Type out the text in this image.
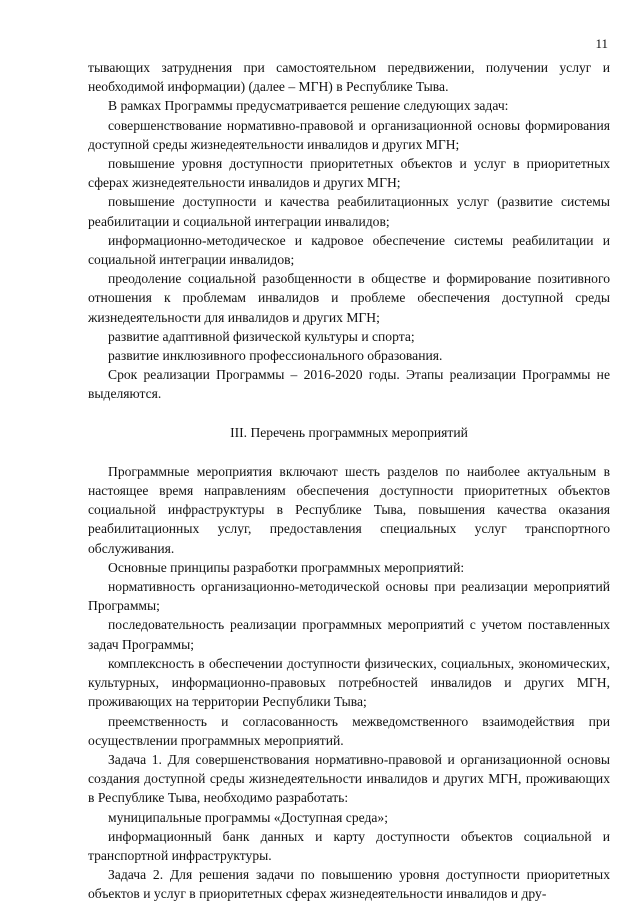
11

тывающих затруднения при самостоятельном передвижении, получении услуг и необходимой информации) (далее – МГН) в Республике Тыва.

В рамках Программы предусматривается решение следующих задач:

совершенствование нормативно-правовой и организационной основы формирования доступной среды жизнедеятельности инвалидов и других МГН;

повышение уровня доступности приоритетных объектов и услуг в приоритетных сферах жизнедеятельности инвалидов и других МГН;

повышение доступности и качества реабилитационных услуг (развитие системы реабилитации и социальной интеграции инвалидов;

информационно-методическое и кадровое обеспечение системы реабилитации и социальной интеграции инвалидов;

преодоление социальной разобщенности в обществе и формирование позитивного отношения к проблемам инвалидов и проблеме обеспечения доступной среды жизнедеятельности для инвалидов и других МГН;

развитие адаптивной физической культуры и спорта;

развитие инклюзивного профессионального образования.

Срок реализации Программы – 2016-2020 годы. Этапы реализации Программы не выделяются.

III. Перечень программных мероприятий

Программные мероприятия включают шесть разделов по наиболее актуальным в настоящее время направлениям обеспечения доступности приоритетных объектов социальной инфраструктуры в Республике Тыва, повышения качества оказания реабилитационных услуг, предоставления специальных услуг транспортного обслуживания.

Основные принципы разработки программных мероприятий:

нормативность организационно-методической основы при реализации мероприятий Программы;

последовательность реализации программных мероприятий с учетом поставленных задач Программы;

комплексность в обеспечении доступности физических, социальных, экономических, культурных, информационно-правовых потребностей инвалидов и других МГН, проживающих на территории Республики Тыва;

преемственность и согласованность межведомственного взаимодействия при осуществлении программных мероприятий.

Задача 1. Для совершенствования нормативно-правовой и организационной основы создания доступной среды жизнедеятельности инвалидов и других МГН, проживающих в Республике Тыва, необходимо разработать:

муниципальные программы «Доступная среда»;

информационный банк данных и карту доступности объектов социальной и транспортной инфраструктуры.

Задача 2. Для решения задачи по повышению уровня доступности приоритетных объектов и услуг в приоритетных сферах жизнедеятельности инвалидов и дру-
